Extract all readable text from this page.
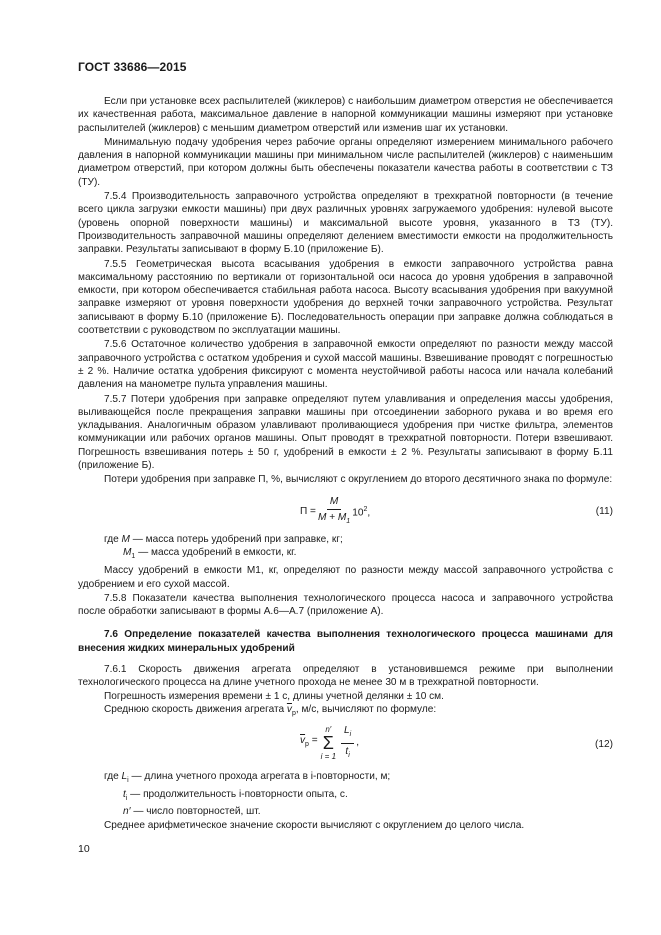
ГОСТ 33686—2015

Если при установке всех распылителей (жиклеров) с наибольшим диаметром отверстия не обеспечивается их качественная работа, максимальное давление в напорной коммуникации машины измеряют при установке распылителей (жиклеров) с меньшим диаметром отверстий или изменив шаг их установки.

Минимальную подачу удобрения через рабочие органы определяют измерением минимального рабочего давления в напорной коммуникации машины при минимальном числе распылителей (жиклеров) с наименьшим диаметром отверстий, при котором должны быть обеспечены показатели качества работы в соответствии с ТЗ (ТУ).

7.5.4 Производительность заправочного устройства определяют в трехкратной повторности (в течение всего цикла загрузки емкости машины) при двух различных уровнях загружаемого удобрения: нулевой высоте (уровень опорной поверхности машины) и максимальной высоте уровня, указанного в ТЗ (ТУ). Производительность заправочной машины определяют делением вместимости емкости на продолжительность заправки. Результаты записывают в форму Б.10 (приложение Б).

7.5.5 Геометрическая высота всасывания удобрения в емкости заправочного устройства равна максимальному расстоянию по вертикали от горизонтальной оси насоса до уровня удобрения в заправочной емкости, при котором обеспечивается стабильная работа насоса. Высоту всасывания удобрения при вакуумной заправке измеряют от уровня поверхности удобрения до верхней точки заправочного устройства. Результат записывают в форму Б.10 (приложение Б). Последовательность операции при заправке должна соблюдаться в соответствии с руководством по эксплуатации машины.

7.5.6 Остаточное количество удобрения в заправочной емкости определяют по разности между массой заправочного устройства с остатком удобрения и сухой массой машины. Взвешивание проводят с погрешностью ± 2 %. Наличие остатка удобрения фиксируют с момента неустойчивой работы насоса или начала колебаний давления на манометре пульта управления машины.

7.5.7 Потери удобрения при заправке определяют путем улавливания и определения массы удобрения, выливающейся после прекращения заправки машины при отсоединении заборного рукава и во время его укладывания. Аналогичным образом улавливают проливающиеся удобрения при чистке фильтра, элементов коммуникации или рабочих органов машины. Опыт проводят в трехкратной повторности. Потери взвешивают. Погрешность взвешивания потерь ± 50 г, удобрений в емкости ± 2 %. Результаты записывают в форму Б.11 (приложение Б).

Потери удобрения при заправке П, %, вычисляют с округлением до второго десятичного знака по формуле:

$П = \frac{M}{M + M_1} 10^2$,	(11)

где M — масса потерь удобрений при заправке, кг;

$M_1$ — масса удобрений в емкости, кг.

Массу удобрений в емкости M1, кг, определяют по разности между массой заправочного устройства с удобрением и его сухой массой.

7.5.8 Показатели качества выполнения технологического процесса насоса и заправочного устройства после обработки записывают в формы А.6—А.7 (приложение А).

7.6 Определение показателей качества выполнения технологического процесса машинами для внесения жидких минеральных удобрений

7.6.1 Скорость движения агрегата определяют в установившемся режиме при выполнении технологического процесса на длине учетного прохода не менее 30 м в трехкратной повторности.

Погрешность измерения времени ± 1 с, длины учетной делянки ± 10 см.

Среднюю скорость движения агрегата $\overline{v}_p$, м/с, вычисляют по формуле:

$\overline{v}_p$ =
n′
Σ
$i = 1 \frac{L_i}{t_i}$ ,	(12)

где $L_i$ — длина учетного прохода агрегата в i-повторности, м;

$t_i$ — продолжительность i-повторности опыта, с.

n′ — число повторностей, шт.

Среднее арифметическое значение скорости вычисляют с округлением до целого числа.

10
